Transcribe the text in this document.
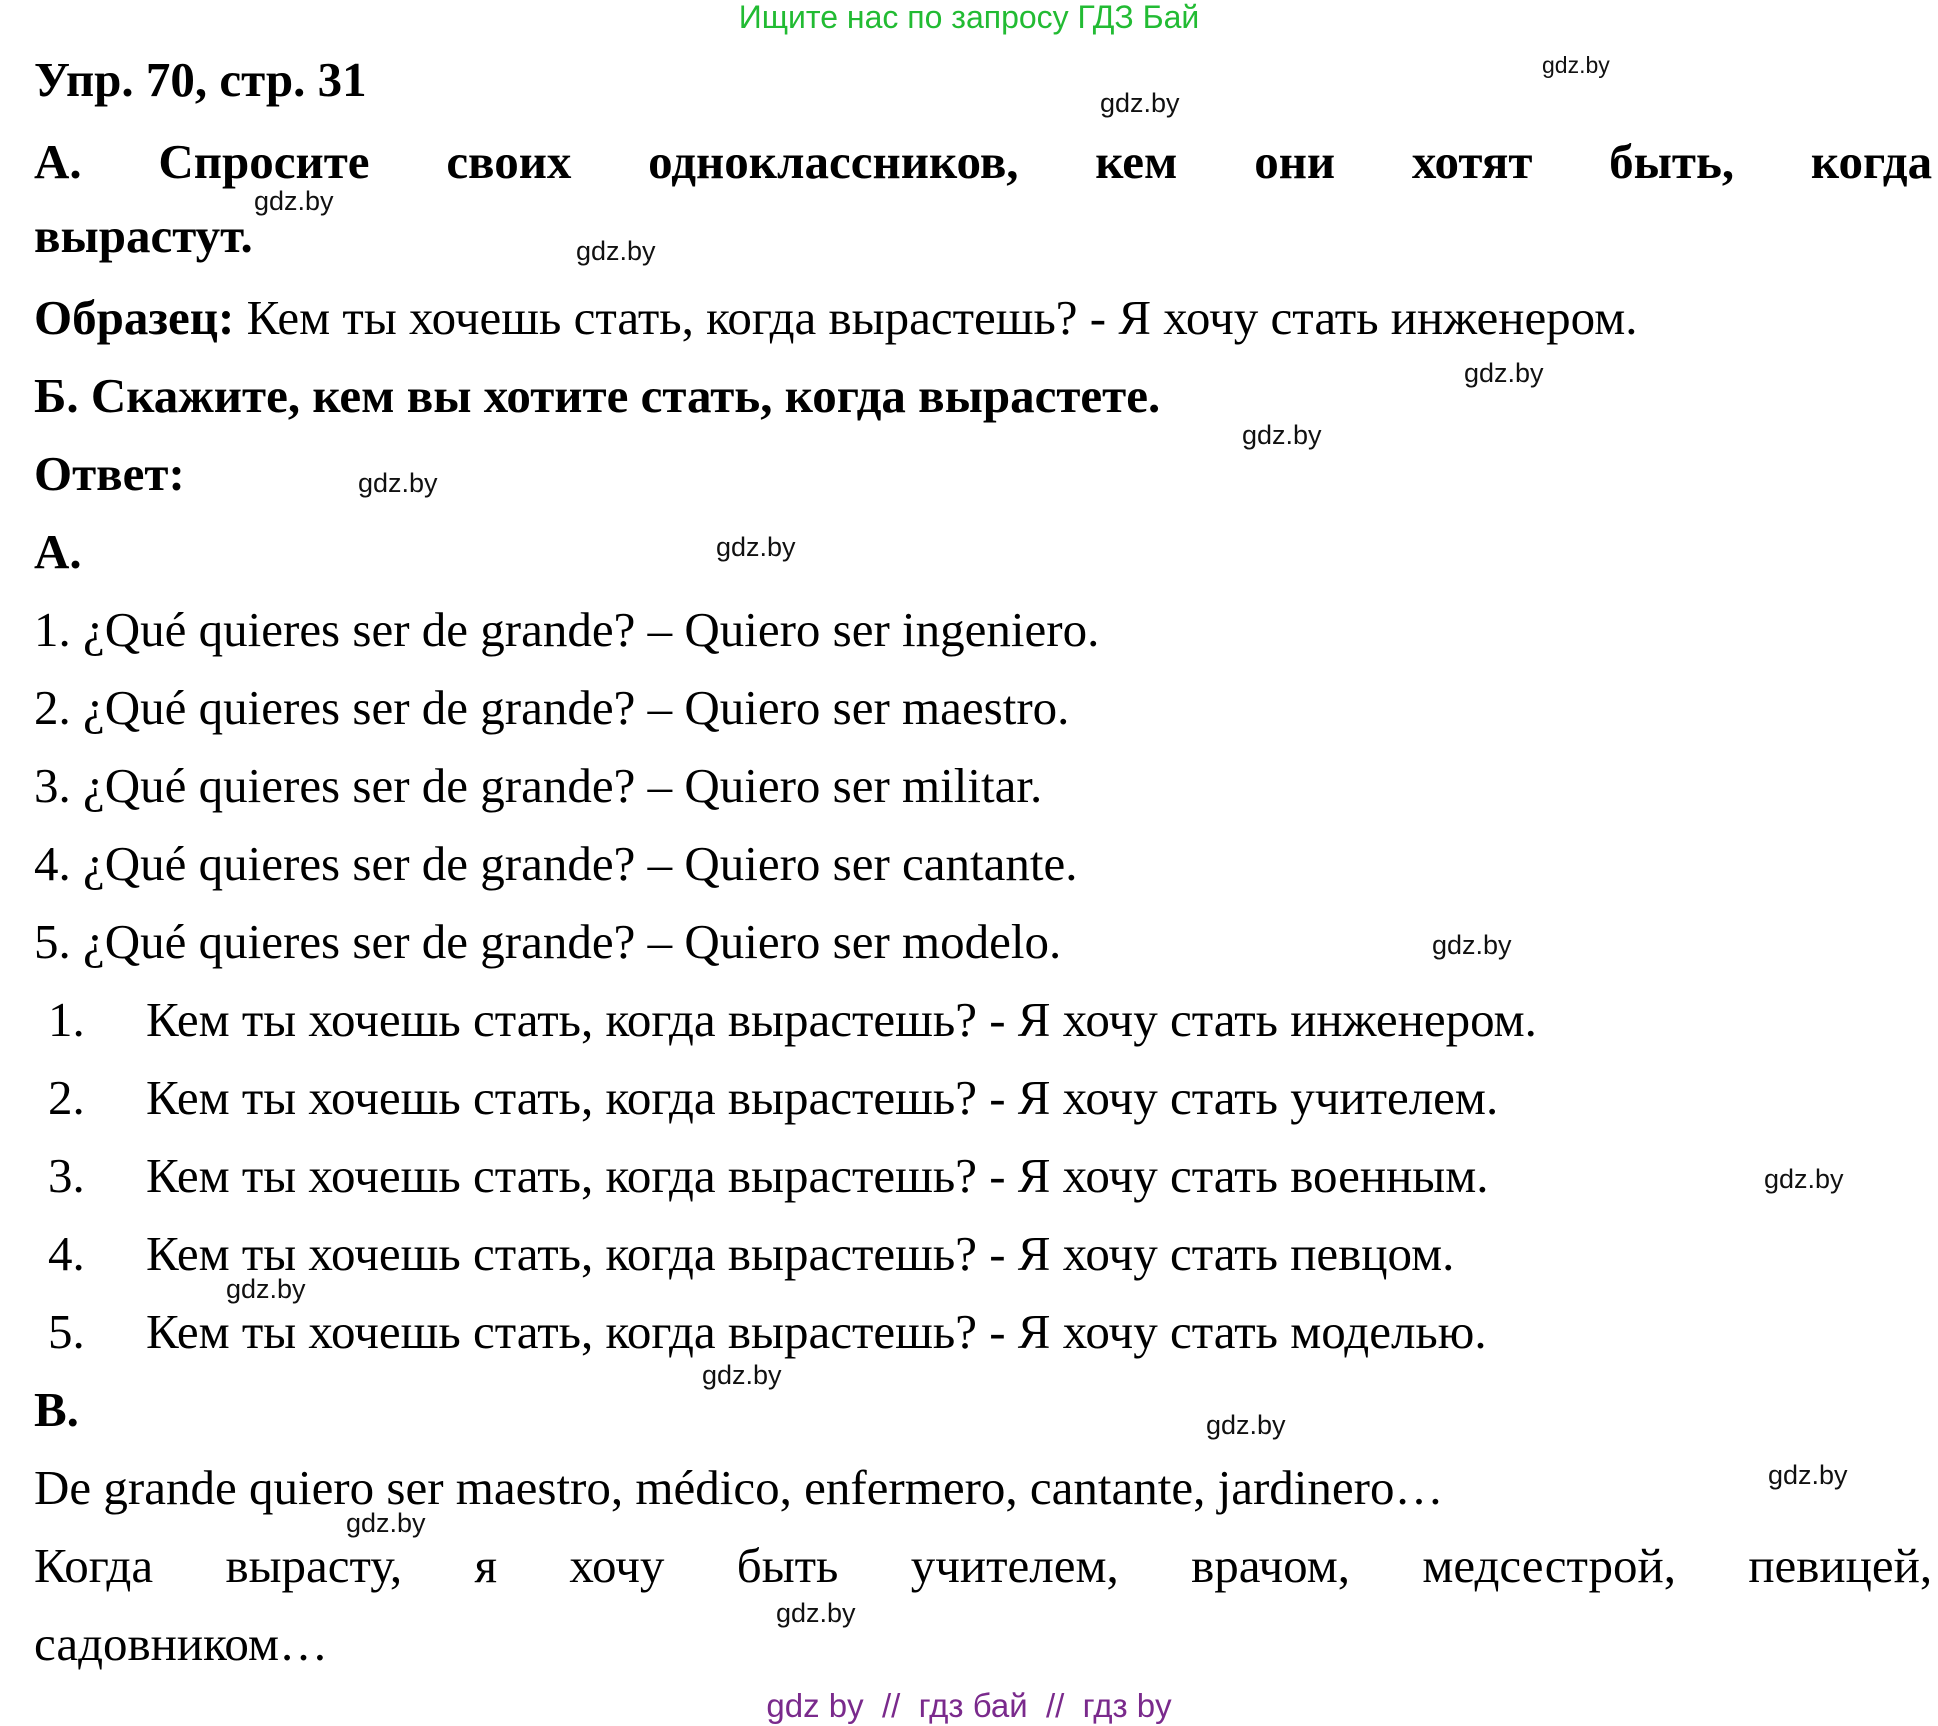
Ищите нас по запросу ГДЗ Бай

Упр. 70, стр. 31

А. Спросите своих одноклассников, кем они хотят быть, когда

вырастут.

Образец: Кем ты хочешь стать, когда вырастешь? - Я хочу стать инженером.

Б. Скажите, кем вы хотите стать, когда вырастете.

Ответ:

А.

1. ¿Qué quieres ser de grande? – Quiero ser ingeniero.

2. ¿Qué quieres ser de grande? – Quiero ser maestro.

3. ¿Qué quieres ser de grande? – Quiero ser militar.

4. ¿Qué quieres ser de grande? – Quiero ser cantante.

5. ¿Qué quieres ser de grande? – Quiero ser modelo.

1. Кем ты хочешь стать, когда вырастешь? - Я хочу стать инженером.

2. Кем ты хочешь стать, когда вырастешь? - Я хочу стать учителем.

3. Кем ты хочешь стать, когда вырастешь? - Я хочу стать военным.

4. Кем ты хочешь стать, когда вырастешь? - Я хочу стать певцом.

5. Кем ты хочешь стать, когда вырастешь? - Я хочу стать моделью.

B.

De grande quiero ser maestro, médico, enfermero, cantante, jardinero…

Когда вырасту, я хочу быть учителем, врачом, медсестрой, певицей,

садовником…

gdz.by
gdz.by
gdz.by
gdz.by
gdz.by
gdz.by
gdz.by
gdz.by
gdz.by
gdz.by
gdz.by
gdz.by
gdz.by
gdz.by
gdz.by
gdz.by
gdz by  //  гдз бай  //  гдз by
